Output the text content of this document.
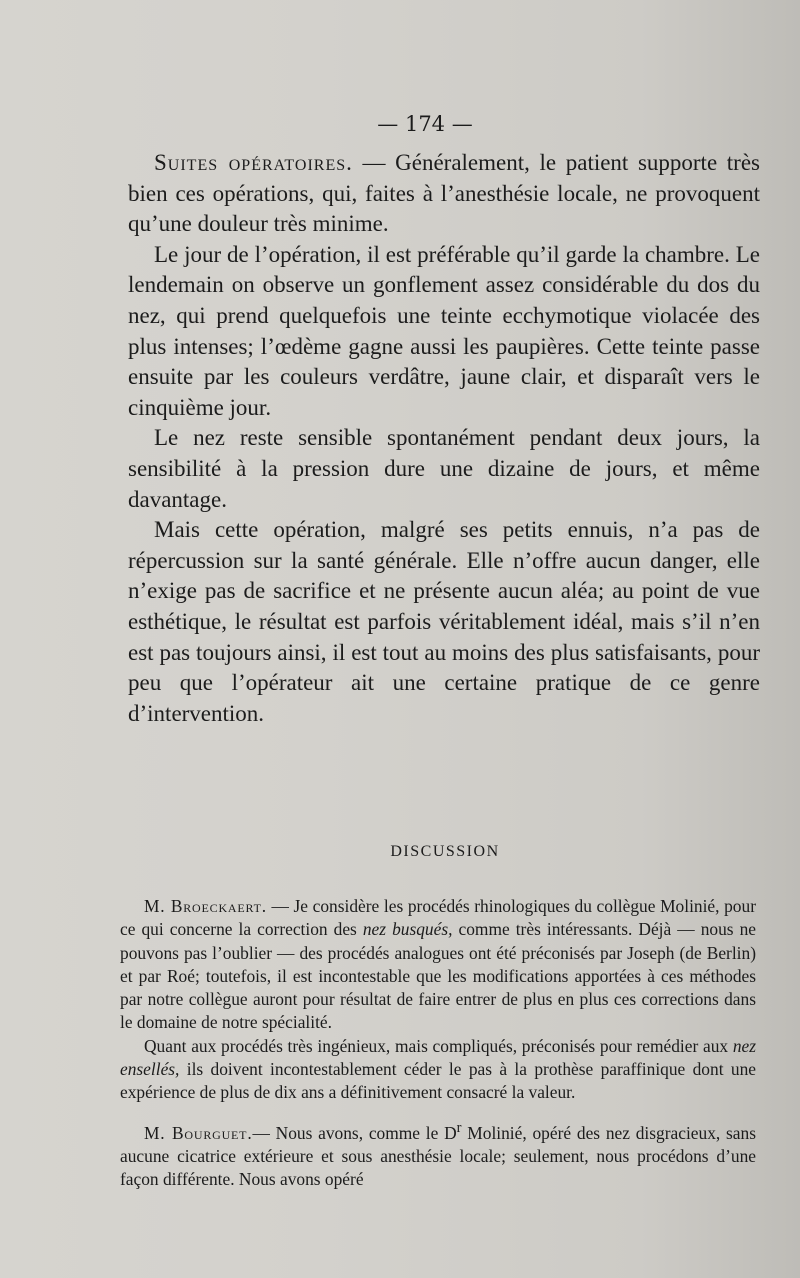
— 174 —

Suites opératoires. — Généralement, le patient supporte très bien ces opérations, qui, faites à l’anesthésie locale, ne provoquent qu’une douleur très minime.

Le jour de l’opération, il est préférable qu’il garde la chambre. Le lendemain on observe un gonflement assez considérable du dos du nez, qui prend quelquefois une teinte ecchymotique violacée des plus intenses; l’œdème gagne aussi les paupières. Cette teinte passe ensuite par les couleurs verdâtre, jaune clair, et disparaît vers le cinquième jour.

Le nez reste sensible spontanément pendant deux jours, la sensibilité à la pression dure une dizaine de jours, et même davantage.

Mais cette opération, malgré ses petits ennuis, n’a pas de répercussion sur la santé générale. Elle n’offre aucun danger, elle n’exige pas de sacrifice et ne présente aucun aléa; au point de vue esthétique, le résultat est parfois véritablement idéal, mais s’il n’en est pas toujours ainsi, il est tout au moins des plus satisfaisants, pour peu que l’opérateur ait une certaine pratique de ce genre d’intervention.

DISCUSSION

M. Broeckaert. — Je considère les procédés rhinologiques du collègue Molinié, pour ce qui concerne la correction des nez busqués, comme très intéressants. Déjà — nous ne pouvons pas l’oublier — des procédés analogues ont été préconisés par Joseph (de Berlin) et par Roé; toutefois, il est incontestable que les modifications apportées à ces méthodes par notre collègue auront pour résultat de faire entrer de plus en plus ces corrections dans le domaine de notre spécialité.

Quant aux procédés très ingénieux, mais compliqués, préconisés pour remédier aux nez ensellés, ils doivent incontestablement céder le pas à la prothèse paraffinique dont une expérience de plus de dix ans a définitivement consacré la valeur.

M. Bourguet.— Nous avons, comme le $D^r$ Molinié, opéré des nez disgracieux, sans aucune cicatrice extérieure et sous anesthésie locale; seulement, nous procédons d’une façon différente. Nous avons opéré
